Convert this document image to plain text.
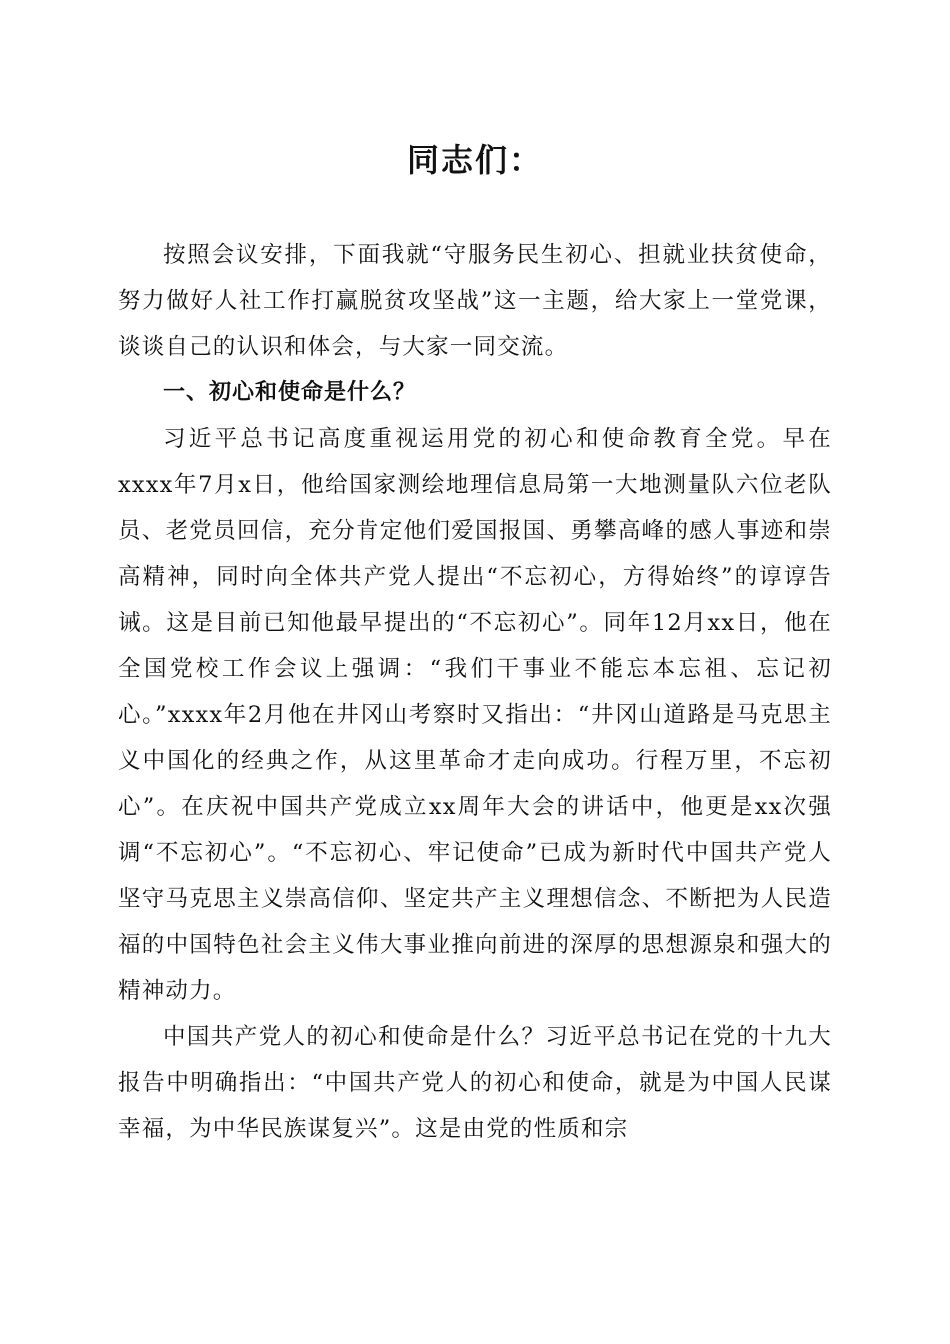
同志们：

按照会议安排，下面我就“守服务民生初心、担就业扶贫使命，努力做好人社工作打赢脱贫攻坚战”这一主题，给大家上一堂党课，谈谈自己的认识和体会，与大家一同交流。

一、初心和使命是什么？

习近平总书记高度重视运用党的初心和使命教育全党。早在xxxx年7月x日，他给国家测绘地理信息局第一大地测量队六位老队员、老党员回信，充分肯定他们爱国报国、勇攀高峰的感人事迹和崇高精神，同时向全体共产党人提出“不忘初心，方得始终”的谆谆告诫。这是目前已知他最早提出的“不忘初心”。同年12月xx日，他在全国党校工作会议上强调：“我们干事业不能忘本忘祖、忘记初心。”xxxx年2月他在井冈山考察时又指出：“井冈山道路是马克思主义中国化的经典之作，从这里革命才走向成功。行程万里，不忘初心”。在庆祝中国共产党成立xx周年大会的讲话中，他更是xx次强调“不忘初心”。“不忘初心、牢记使命”已成为新时代中国共产党人坚守马克思主义崇高信仰、坚定共产主义理想信念、不断把为人民造福的中国特色社会主义伟大事业推向前进的深厚的思想源泉和强大的精神动力。

中国共产党人的初心和使命是什么？习近平总书记在党的十九大报告中明确指出：“中国共产党人的初心和使命，就是为中国人民谋幸福，为中华民族谋复兴”。这是由党的性质和宗
